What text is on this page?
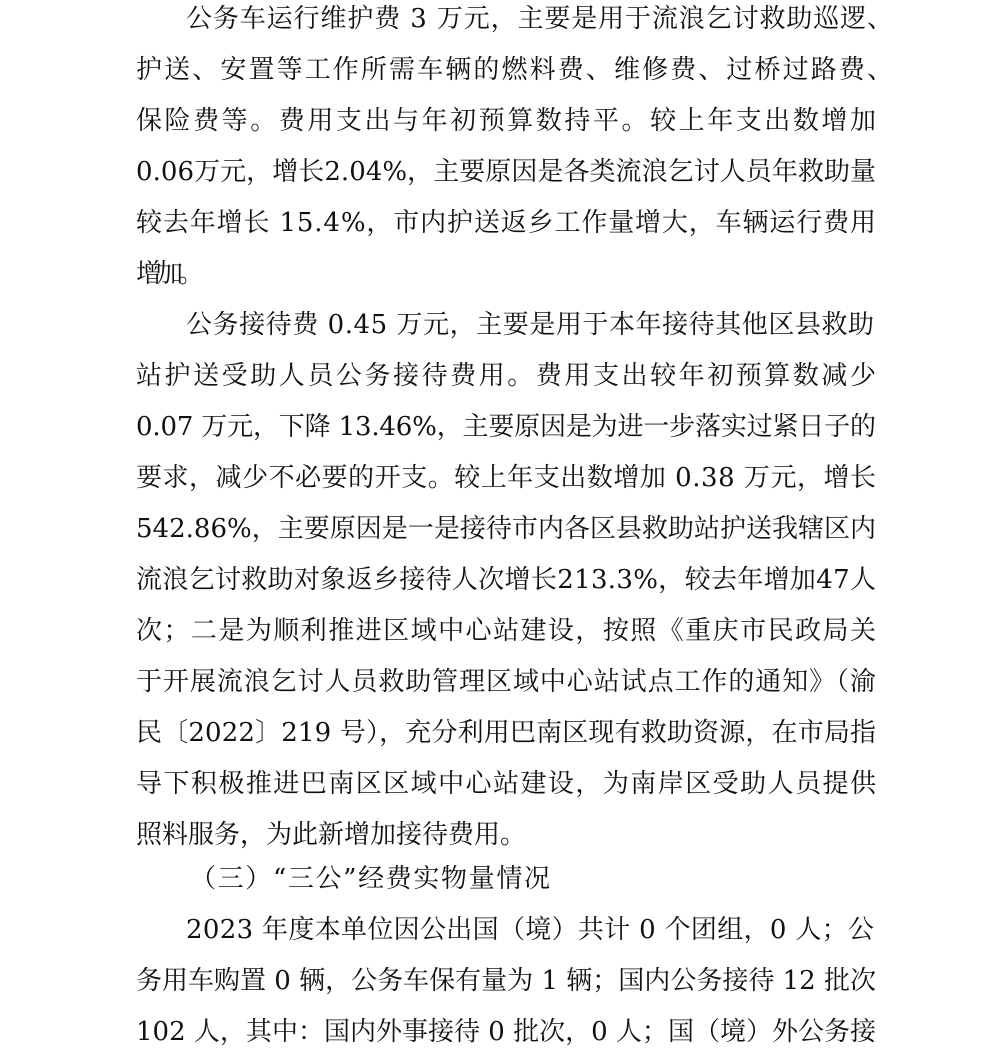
公务车运行维护费 3 万元，主要是用于流浪乞讨救助巡逻、
护送、安置等工作所需车辆的燃料费、维修费、过桥过路费、
保险费等。费用支出与年初预算数持平。较上年支出数增加
0.06万元，增长2.04%，主要原因是各类流浪乞讨人员年救助量
较去年增长 15.4%，市内护送返乡工作量增大，车辆运行费用
增加。
公务接待费 0.45 万元，主要是用于本年接待其他区县救助
站护送受助人员公务接待费用。费用支出较年初预算数减少
0.07 万元，下降 13.46%，主要原因是为进一步落实过紧日子的
要求，减少不必要的开支。较上年支出数增加 0.38 万元，增长
542.86%，主要原因是一是接待市内各区县救助站护送我辖区内
流浪乞讨救助对象返乡接待人次增长213.3%，较去年增加47人
次；二是为顺利推进区域中心站建设，按照《重庆市民政局关
于开展流浪乞讨人员救助管理区域中心站试点工作的通知》（渝
民〔2022〕219 号），充分利用巴南区现有救助资源，在市局指
导下积极推进巴南区区域中心站建设，为南岸区受助人员提供
照料服务，为此新增加接待费用。
（三）“三公”经费实物量情况
2023 年度本单位因公出国（境）共计 0 个团组，0 人；公
务用车购置 0 辆，公务车保有量为 1 辆；国内公务接待 12 批次
102 人，其中：国内外事接待 0 批次，0 人；国（境）外公务接
